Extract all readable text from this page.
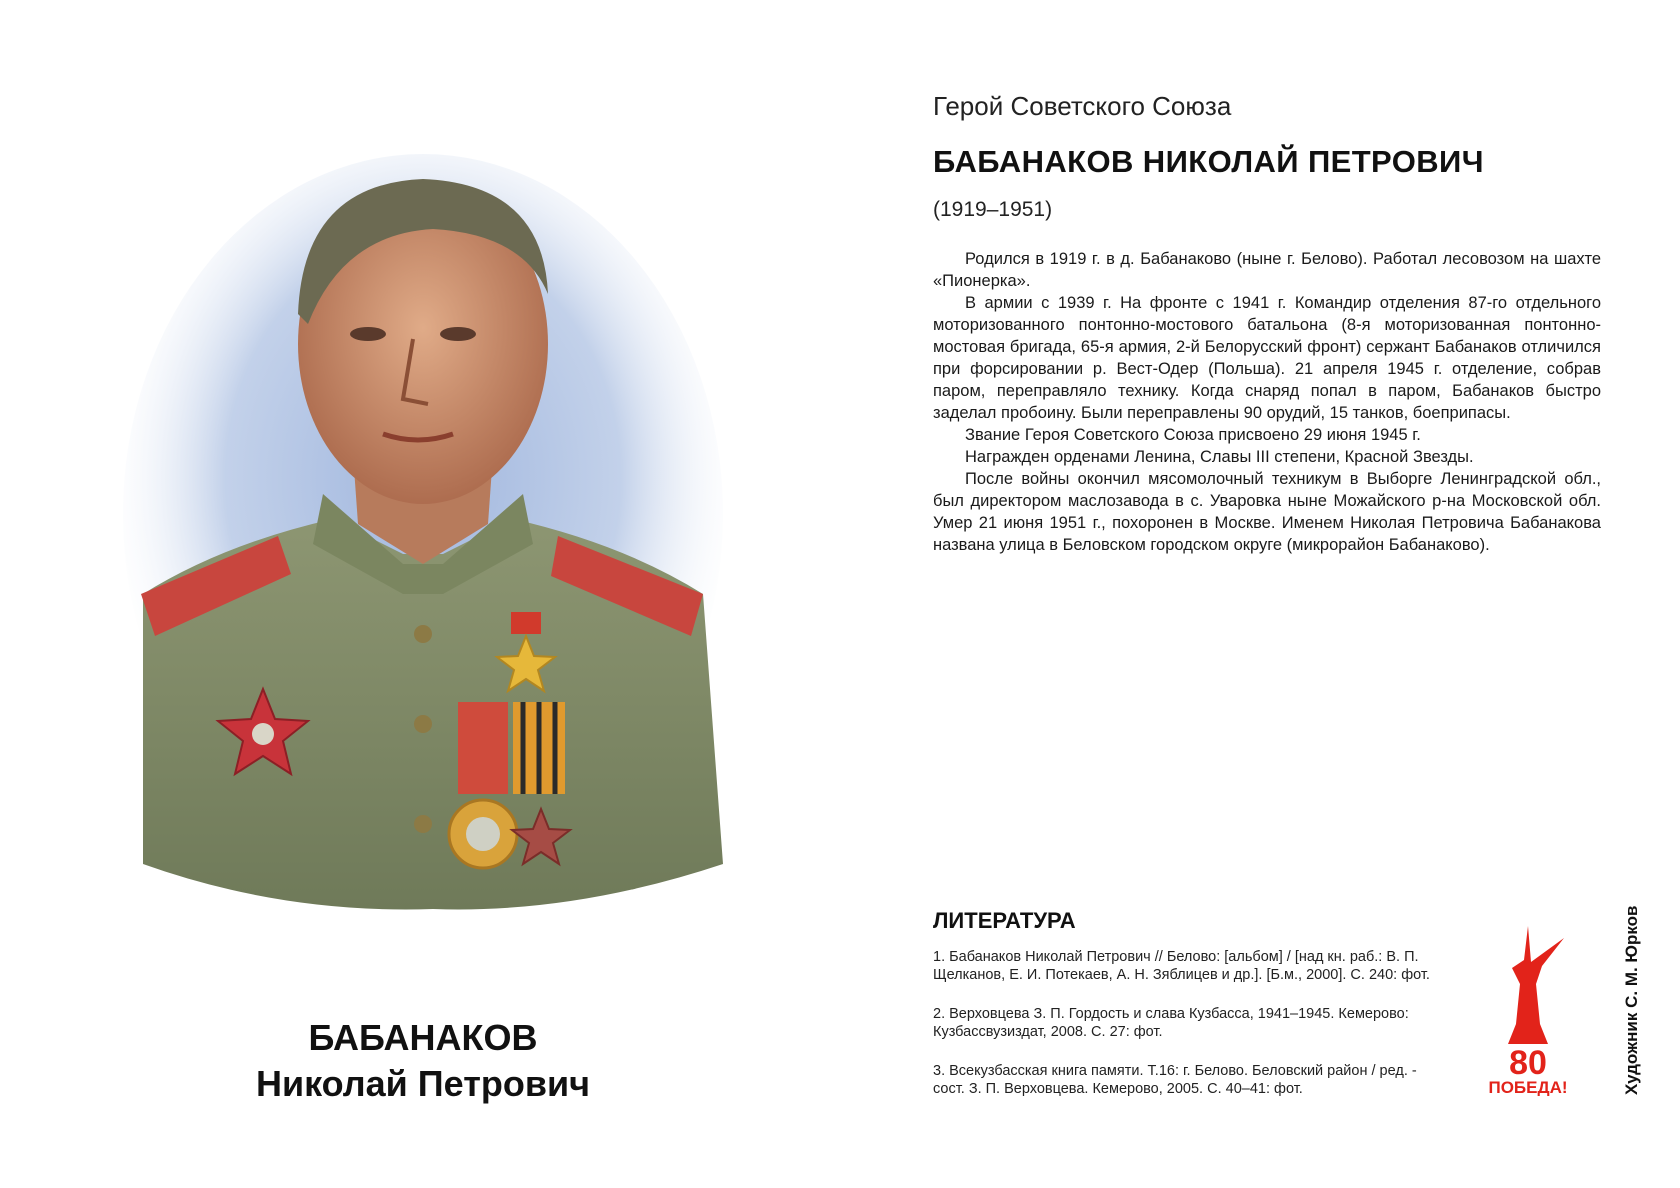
БАБАНАКОВ
Николай Петрович
Герой Советского Союза
БАБАНАКОВ НИКОЛАЙ ПЕТРОВИЧ
(1919–1951)

Родился в 1919 г. в д. Бабанаково (ныне г. Белово). Работал лесовозом на шахте «Пионерка».

В армии с 1939 г. На фронте с 1941 г. Командир отделения 87-го отдельного моторизованного понтонно-мостового батальона (8-я моторизованная понтонно-мостовая бригада, 65-я армия, 2-й Белорусский фронт) сержант Бабанаков отличился при форсировании р. Вест-Одер (Польша). 21 апреля 1945 г. отделение, собрав паром, переправляло технику. Когда снаряд попал в паром, Бабанаков быстро заделал пробоину. Были переправлены 90 орудий, 15 танков, боеприпасы.

Звание Героя Советского Союза присвоено 29 июня 1945 г.

Награжден орденами Ленина, Славы III степени, Красной Звезды.

После войны окончил мясомолочный техникум в Выборге Ленинградской обл., был директором маслозавода в с. Уваровка ныне Можайского р-на Московской обл. Умер 21 июня 1951 г., похоронен в Москве. Именем Николая Петровича Бабанакова названа улица в Беловском городском округе (микрорайон Бабанаково).

ЛИТЕРАТУРА
1. Бабанаков Николай Петрович // Белово: [альбом] / [над кн. раб.: В. П. Щелканов, Е. И. Потекаев, А. Н. Зяблицев и др.]. [Б.м., 2000]. С. 240: фот.
2. Верховцева З. П. Гордость и слава Кузбасса, 1941–1945. Кемерово: Кузбассвузиздат, 2008. С. 27: фот.
3. Всекузбасская книга памяти. Т.16: г. Белово. Беловский район / ред. - сост. З. П. Верховцева. Кемерово, 2005. С. 40–41: фот.
80
ПОБЕДА!	Художник С. М. Юрков
